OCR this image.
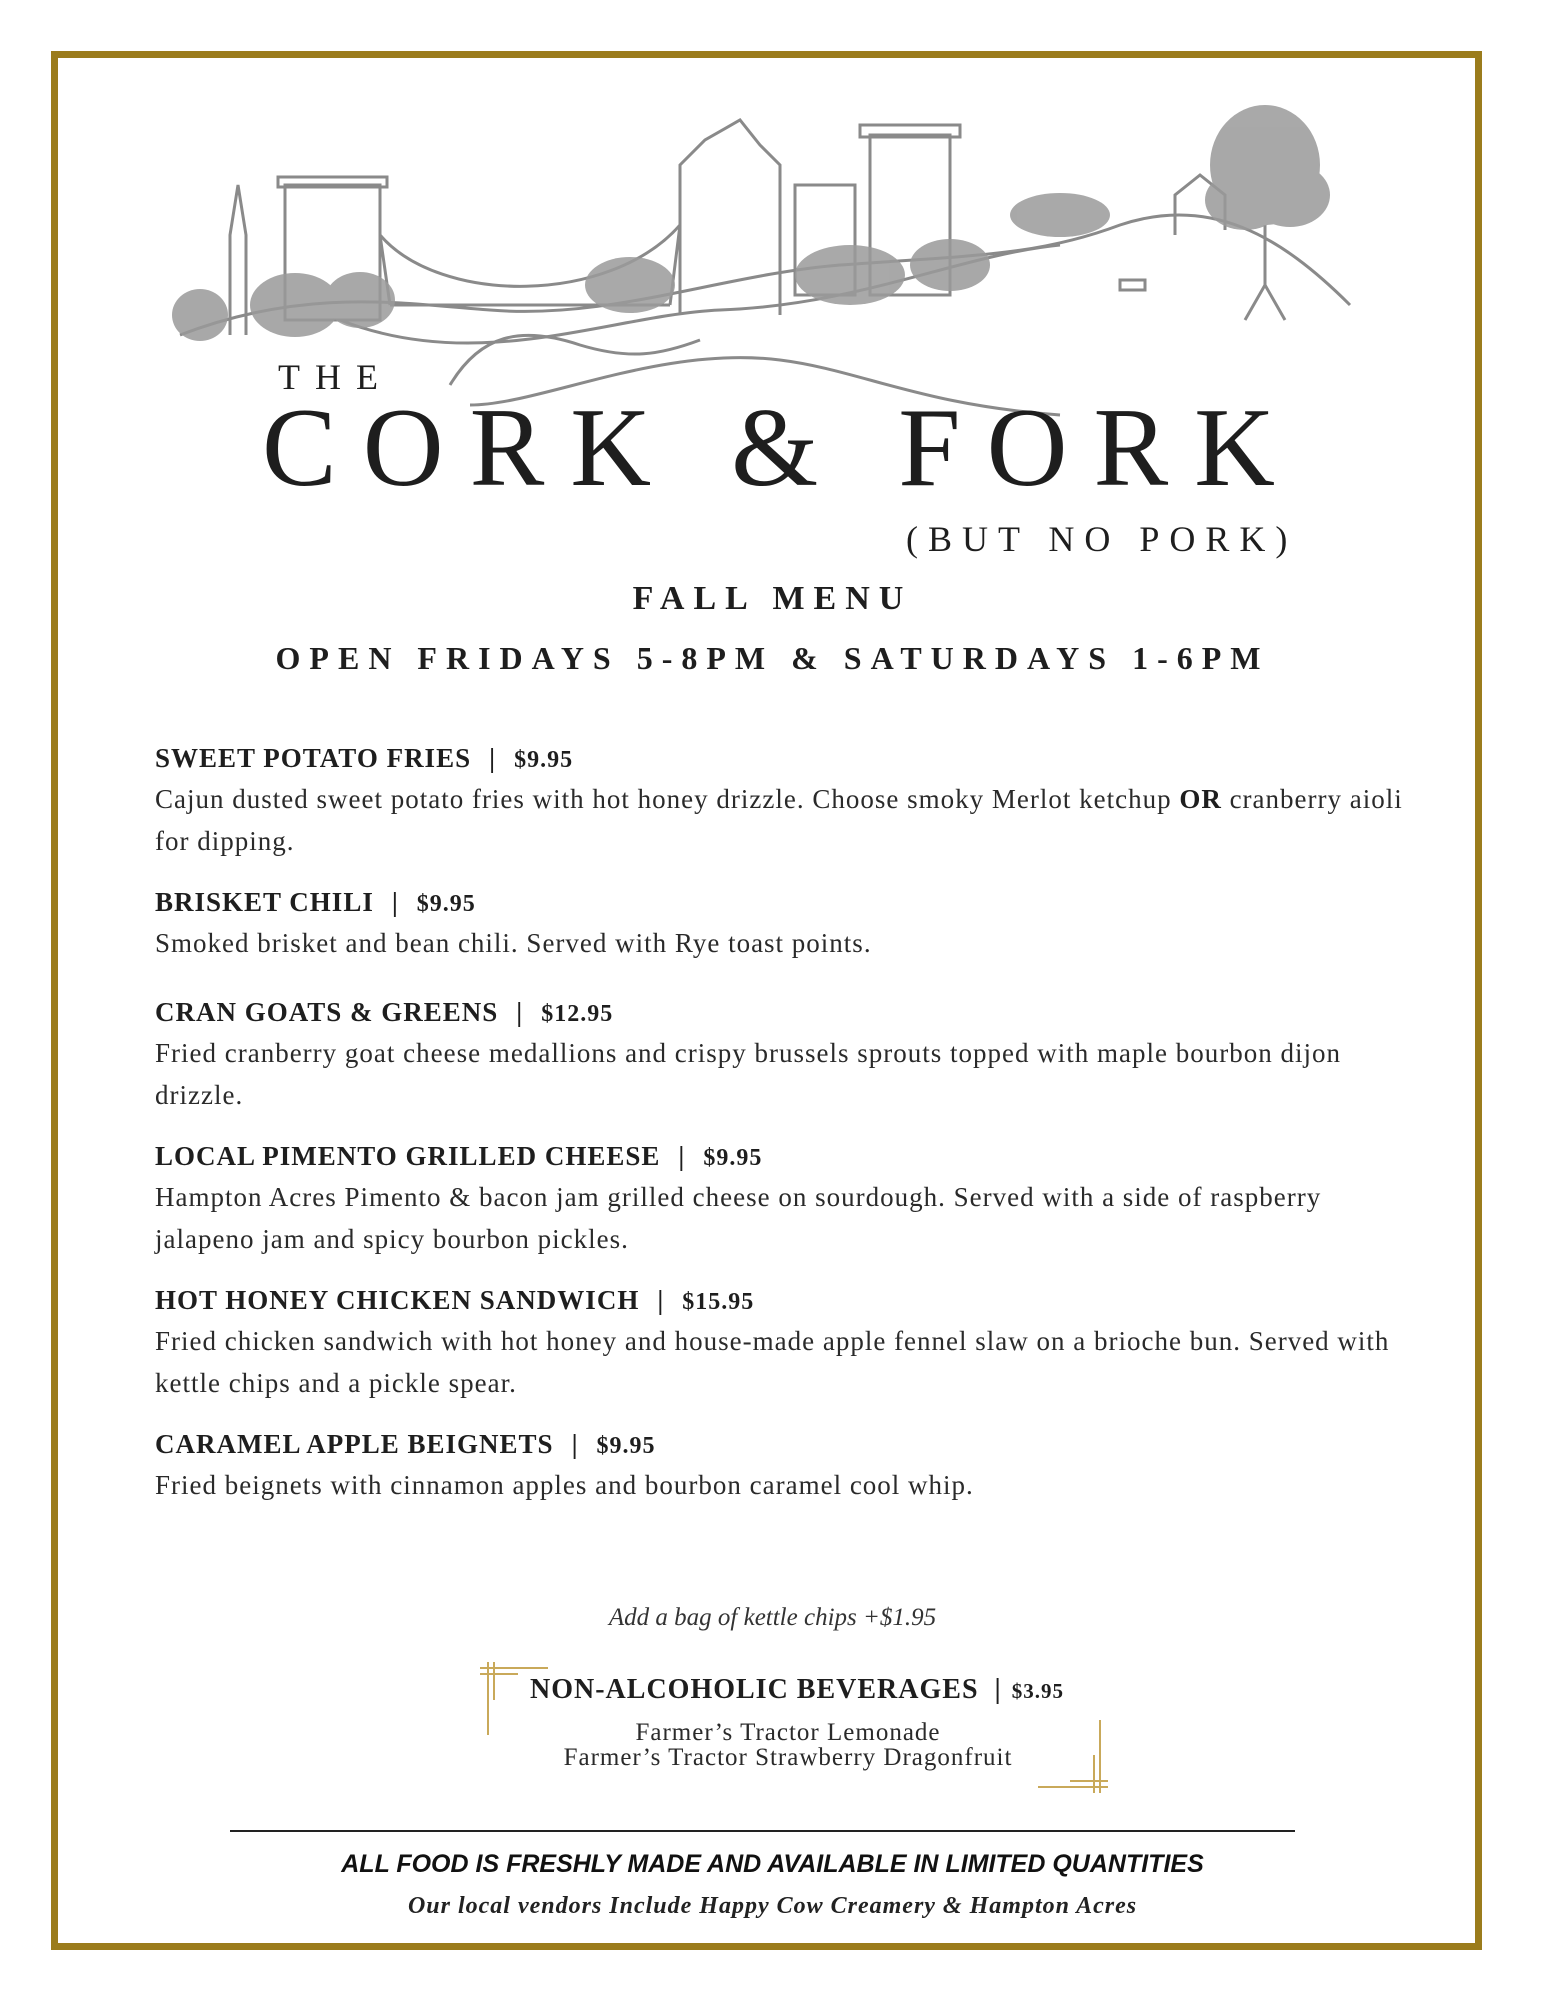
THE
CORK & FORK
(BUT NO PORK)
FALL MENU
OPEN FRIDAYS 5-8PM & SATURDAYS 1-6PM
SWEET POTATO FRIES | $9.95
Cajun dusted sweet potato fries with hot honey drizzle. Choose smoky Merlot ketchup OR cranberry aioli for dipping.
BRISKET CHILI | $9.95
Smoked brisket and bean chili. Served with Rye toast points.
CRAN GOATS & GREENS | $12.95
Fried cranberry goat cheese medallions and crispy brussels sprouts topped with maple bourbon dijon drizzle.
LOCAL PIMENTO GRILLED CHEESE | $9.95
Hampton Acres Pimento & bacon jam grilled cheese on sourdough. Served with a side of raspberry jalapeno jam and spicy bourbon pickles.
HOT HONEY CHICKEN SANDWICH | $15.95
Fried chicken sandwich with hot honey and house-made apple fennel slaw on a brioche bun. Served with kettle chips and a pickle spear.
CARAMEL APPLE BEIGNETS | $9.95
Fried beignets with cinnamon apples and bourbon caramel cool whip.
Add a bag of kettle chips +$1.95
NON-ALCOHOLIC BEVERAGES | $3.95
Farmer’s Tractor Lemonade
Farmer’s Tractor Strawberry Dragonfruit
ALL FOOD IS FRESHLY MADE AND AVAILABLE IN LIMITED QUANTITIES
Our local vendors Include Happy Cow Creamery & Hampton Acres
